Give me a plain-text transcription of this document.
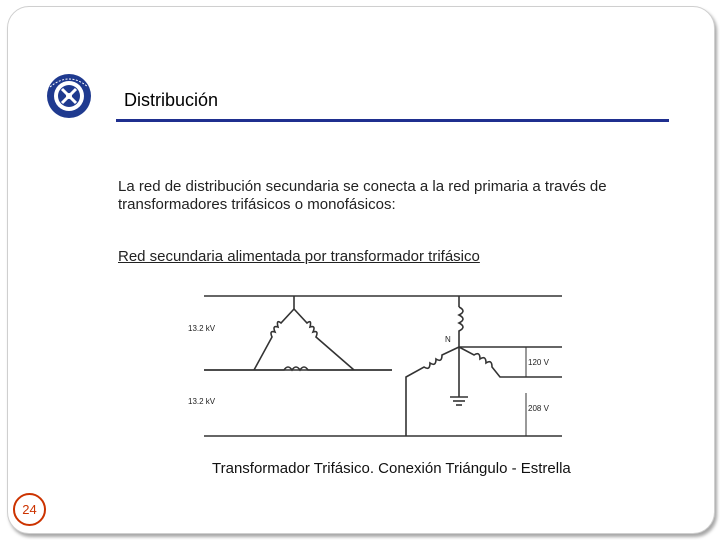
Distribución
La red de distribución secundaria se conecta a la red primaria a través de transformadores trifásicos o monofásicos:
Red secundaria alimentada por transformador trifásico
13.2 kV
13.2 kV
N
120 V
208 V
Transformador Trifásico. Conexión Triángulo - Estrella
24
